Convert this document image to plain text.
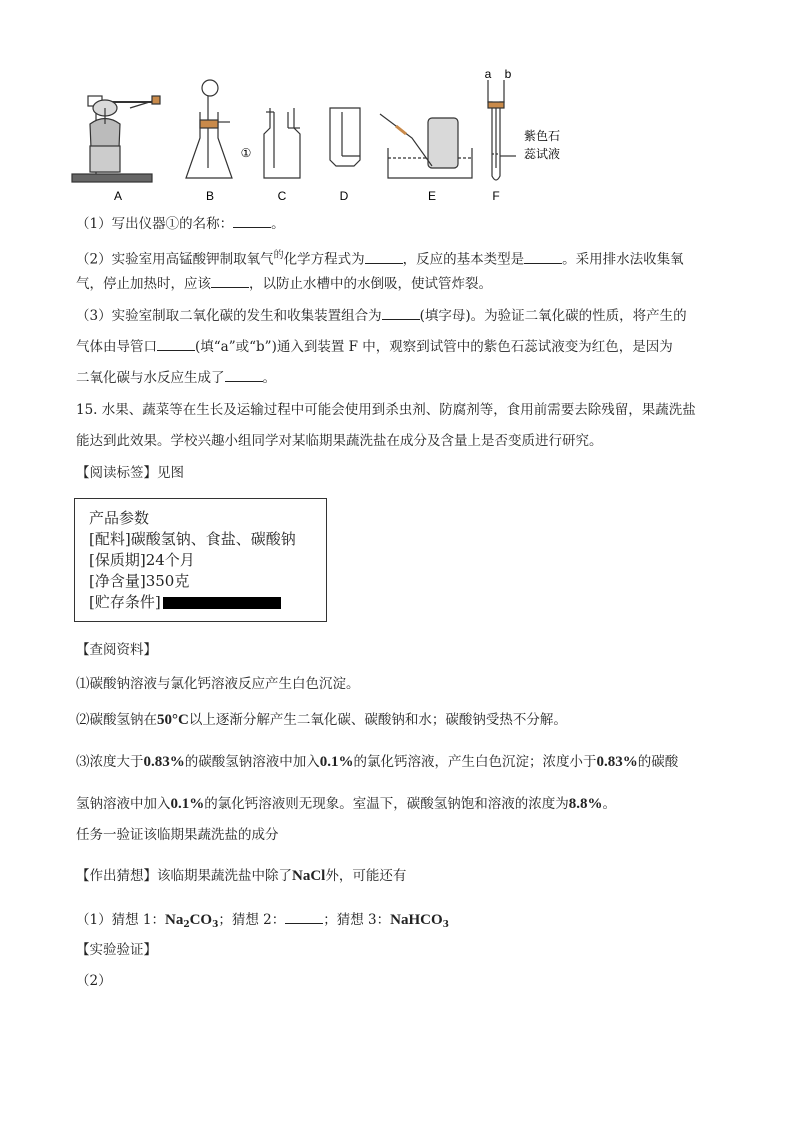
A	B	C	D	E	F
①
a b
紫色石
蕊试液
（1）写出仪器①的名称：	。
（2）实验室用高锰酸钾制取氧气$^的$化学方程式为	，反应的基本类型是	。采用排水法收集氧
气，停止加热时，应该	，以防止水槽中的水倒吸，使试管炸裂。
（3）实验室制取二氧化碳的发生和收集装置组合为	(填字母)。为验证二氧化碳的性质，将产生的
气体由导管口	(填“a”或“b”)通入到装置 F 中，观察到试管中的紫色石蕊试液变为红色，是因为
二氧化碳与水反应生成了	。
15. 水果、蔬菜等在生长及运输过程中可能会使用到杀虫剂、防腐剂等，食用前需要去除残留，果蔬洗盐
能达到此效果。学校兴趣小组同学对某临期果蔬洗盐在成分及含量上是否变质进行研究。
【阅读标签】见图
产品参数
[配料]碳酸氢钠、食盐、碳酸钠
[保质期]24个月
[净含量]350克
[贮存条件]
【查阅资料】
⑴碳酸钠溶液与氯化钙溶液反应产生白色沉淀。
⑵碳酸氢钠在50°C以上逐渐分解产生二氧化碳、碳酸钠和水；碳酸钠受热不分解。
⑶浓度大于0.83%的碳酸氢钠溶液中加入0.1%的氯化钙溶液，产生白色沉淀；浓度小于0.83%的碳酸
氢钠溶液中加入0.1%的氯化钙溶液则无现象。室温下，碳酸氢钠饱和溶液的浓度为8.8%。
任务一验证该临期果蔬洗盐的成分
【作出猜想】该临期果蔬洗盐中除了NaCl外，可能还有
（1）猜想 1：$Na_2CO_3$；猜想 2：	；猜想 3：NaHCO$_3$
【实验验证】
（2）
